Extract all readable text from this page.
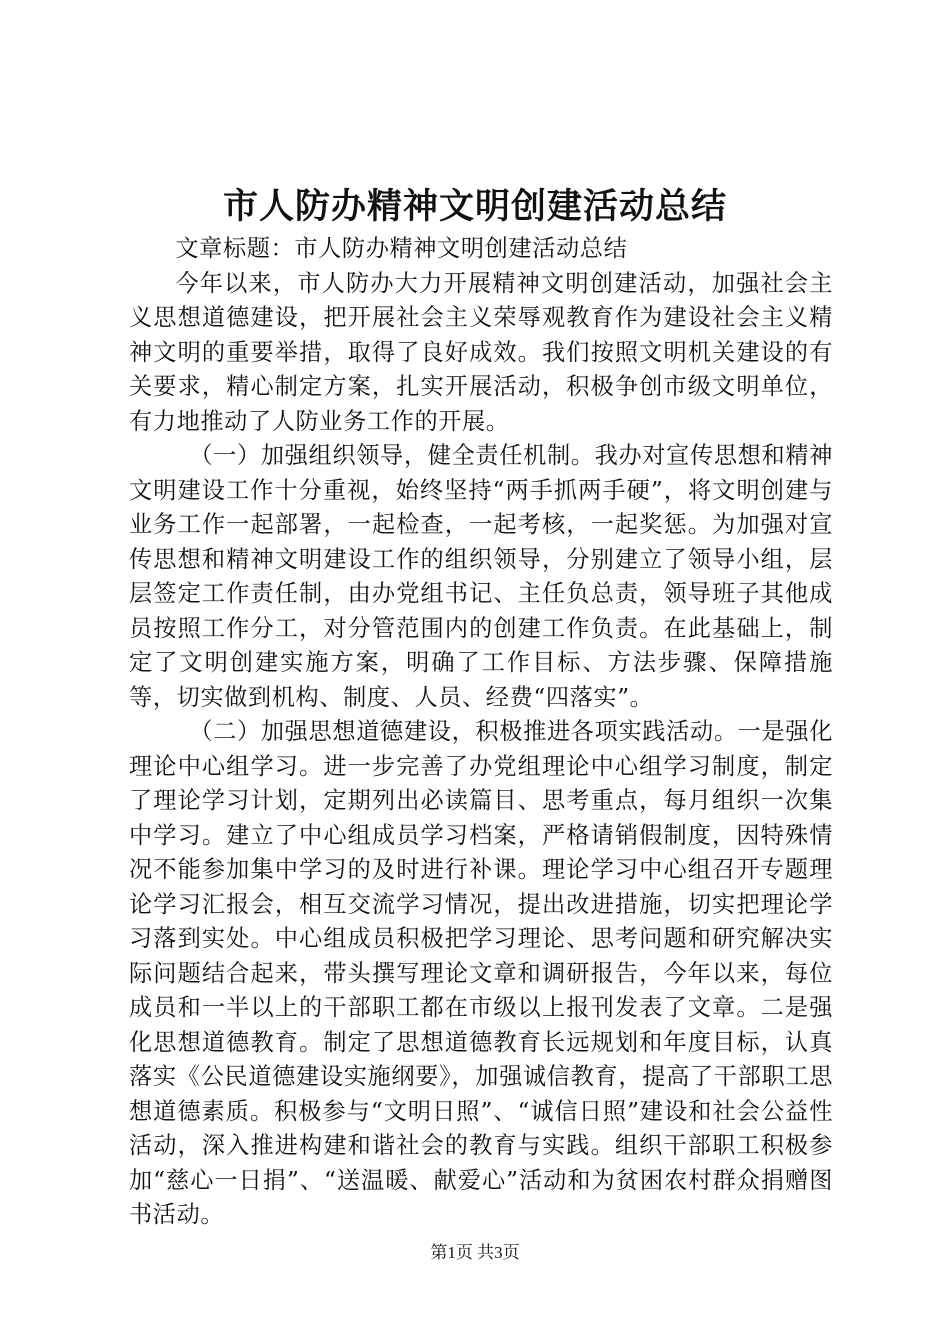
市人防办精神文明创建活动总结

文章标题：市人防办精神文明创建活动总结

今年以来，市人防办大力开展精神文明创建活动，加强社会主义思想道德建设，把开展社会主义荣辱观教育作为建设社会主义精神文明的重要举措，取得了良好成效。我们按照文明机关建设的有关要求，精心制定方案，扎实开展活动，积极争创市级文明单位，有力地推动了人防业务工作的开展。

（一）加强组织领导，健全责任机制。我办对宣传思想和精神文明建设工作十分重视，始终坚持“两手抓两手硬”，将文明创建与业务工作一起部署，一起检查，一起考核，一起奖惩。为加强对宣传思想和精神文明建设工作的组织领导，分别建立了领导小组，层层签定工作责任制，由办党组书记、主任负总责，领导班子其他成员按照工作分工，对分管范围内的创建工作负责。在此基础上，制定了文明创建实施方案，明确了工作目标、方法步骤、保障措施等，切实做到机构、制度、人员、经费“四落实”。

（二）加强思想道德建设，积极推进各项实践活动。一是强化理论中心组学习。进一步完善了办党组理论中心组学习制度，制定了理论学习计划，定期列出必读篇目、思考重点，每月组织一次集中学习。建立了中心组成员学习档案，严格请销假制度，因特殊情况不能参加集中学习的及时进行补课。理论学习中心组召开专题理论学习汇报会，相互交流学习情况，提出改进措施，切实把理论学习落到实处。中心组成员积极把学习理论、思考问题和研究解决实际问题结合起来，带头撰写理论文章和调研报告，今年以来，每位成员和一半以上的干部职工都在市级以上报刊发表了文章。二是强化思想道德教育。制定了思想道德教育长远规划和年度目标，认真落实《公民道德建设实施纲要》，加强诚信教育，提高了干部职工思想道德素质。积极参与“文明日照”、“诚信日照”建设和社会公益性活动，深入推进构建和谐社会的教育与实践。组织干部职工积极参加“慈心一日捐”、“送温暖、献爱心”活动和为贫困农村群众捐赠图书活动。

第1页 共3页
